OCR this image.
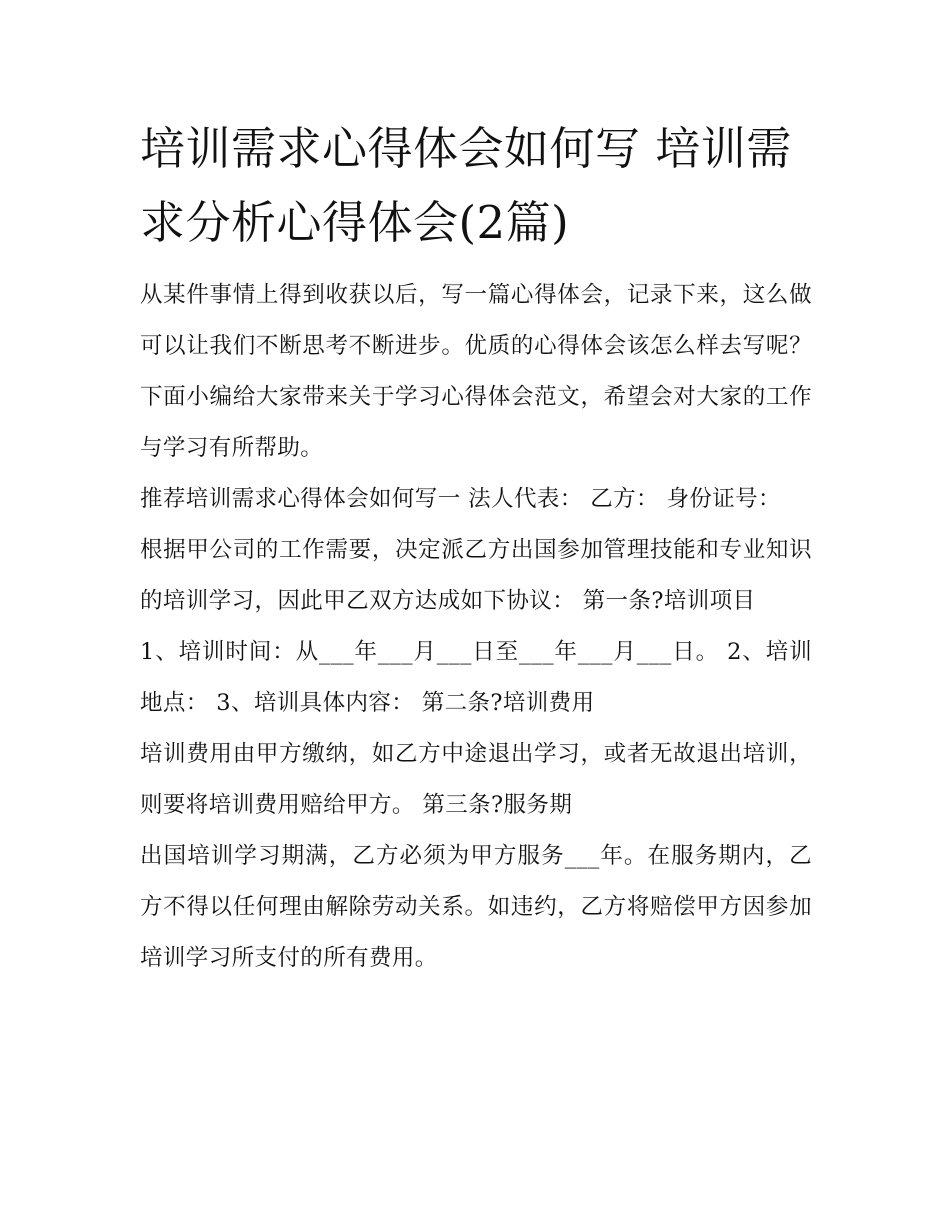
培训需求心得体会如何写 培训需求分析心得体会(2篇)

从某件事情上得到收获以后，写一篇心得体会，记录下来，这么做可以让我们不断思考不断进步。优质的心得体会该怎么样去写呢？下面小编给大家带来关于学习心得体会范文，希望会对大家的工作与学习有所帮助。

推荐培训需求心得体会如何写一 法人代表： 乙方： 身份证号：

根据甲公司的工作需要，决定派乙方出国参加管理技能和专业知识的培训学习，因此甲乙双方达成如下协议： 第一条?培训项目

1、培训时间：从___年___月___日至___年___月___日。 2、培训地点： 3、培训具体内容： 第二条?培训费用

培训费用由甲方缴纳，如乙方中途退出学习，或者无故退出培训，则要将培训费用赔给甲方。 第三条?服务期

出国培训学习期满，乙方必须为甲方服务___年。在服务期内，乙方不得以任何理由解除劳动关系。如违约，乙方将赔偿甲方因参加培训学习所支付的所有费用。
